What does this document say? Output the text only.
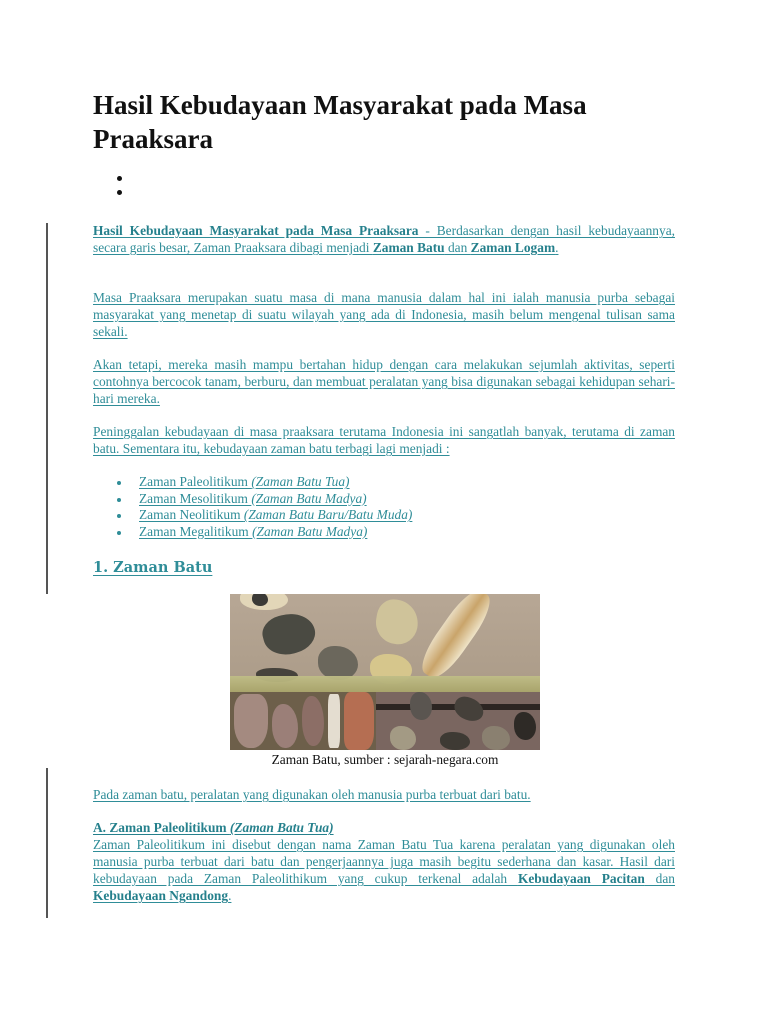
Hasil Kebudayaan Masyarakat pada Masa Praaksara

Hasil Kebudayaan Masyarakat pada Masa Praaksara - Berdasarkan dengan hasil kebudayaannya, secara garis besar, Zaman Praaksara dibagi menjadi Zaman Batu dan Zaman Logam.

Masa Praaksara merupakan suatu masa di mana manusia dalam hal ini ialah manusia purba sebagai masyarakat yang menetap di suatu wilayah yang ada di Indonesia, masih belum mengenal tulisan sama sekali.

Akan tetapi, mereka masih mampu bertahan hidup dengan cara melakukan sejumlah aktivitas, seperti contohnya bercocok tanam, berburu, dan membuat peralatan yang bisa digunakan sebagai kehidupan sehari-hari mereka.

Peninggalan kebudayaan di masa praaksara terutama Indonesia ini sangatlah banyak, terutama di zaman batu. Sementara itu, kebudayaan zaman batu terbagi lagi menjadi :

Zaman Paleolitikum (Zaman Batu Tua)
Zaman Mesolitikum (Zaman Batu Madya)
Zaman Neolitikum (Zaman Batu Baru/Batu Muda)
Zaman Megalitikum (Zaman Batu Madya)
1. Zaman Batu
Zaman Batu, sumber : sejarah-negara.com

Pada zaman batu, peralatan yang digunakan oleh manusia purba terbuat dari batu.

A. Zaman Paleolitikum (Zaman Batu Tua)

Zaman Paleolitikum ini disebut dengan nama Zaman Batu Tua karena peralatan yang digunakan oleh manusia purba terbuat dari batu dan pengerjaannya juga masih begitu sederhana dan kasar. Hasil dari kebudayaan pada Zaman Paleolithikum yang cukup terkenal adalah Kebudayaan Pacitan dan Kebudayaan Ngandong.
